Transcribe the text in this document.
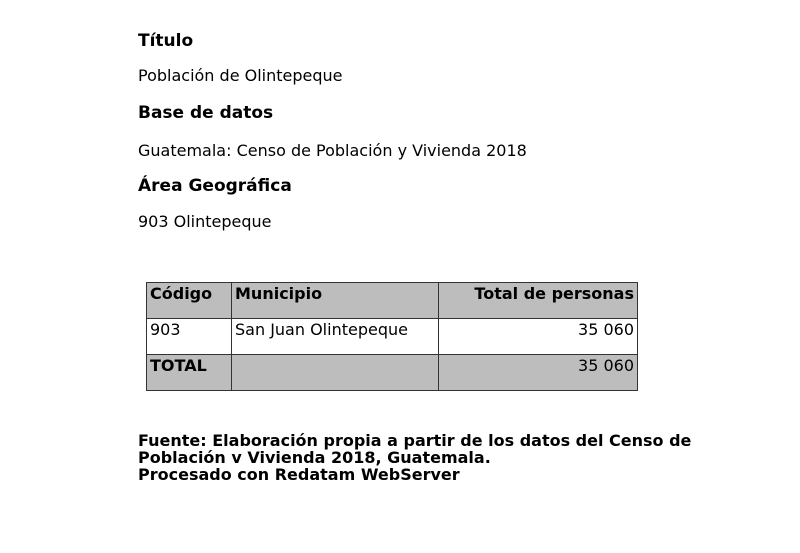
Título

Población de Olintepeque

Base de datos

Guatemala: Censo de Población y Vivienda 2018

Área Geográfica

903 Olintepeque

Código	Municipio	Total de personas
903	San Juan Olintepeque	35 060
TOTAL		35 060
Fuente: Elaboración propia a partir de los datos del Censo de
Población v Vivienda 2018, Guatemala.
Procesado con Redatam WebServer
